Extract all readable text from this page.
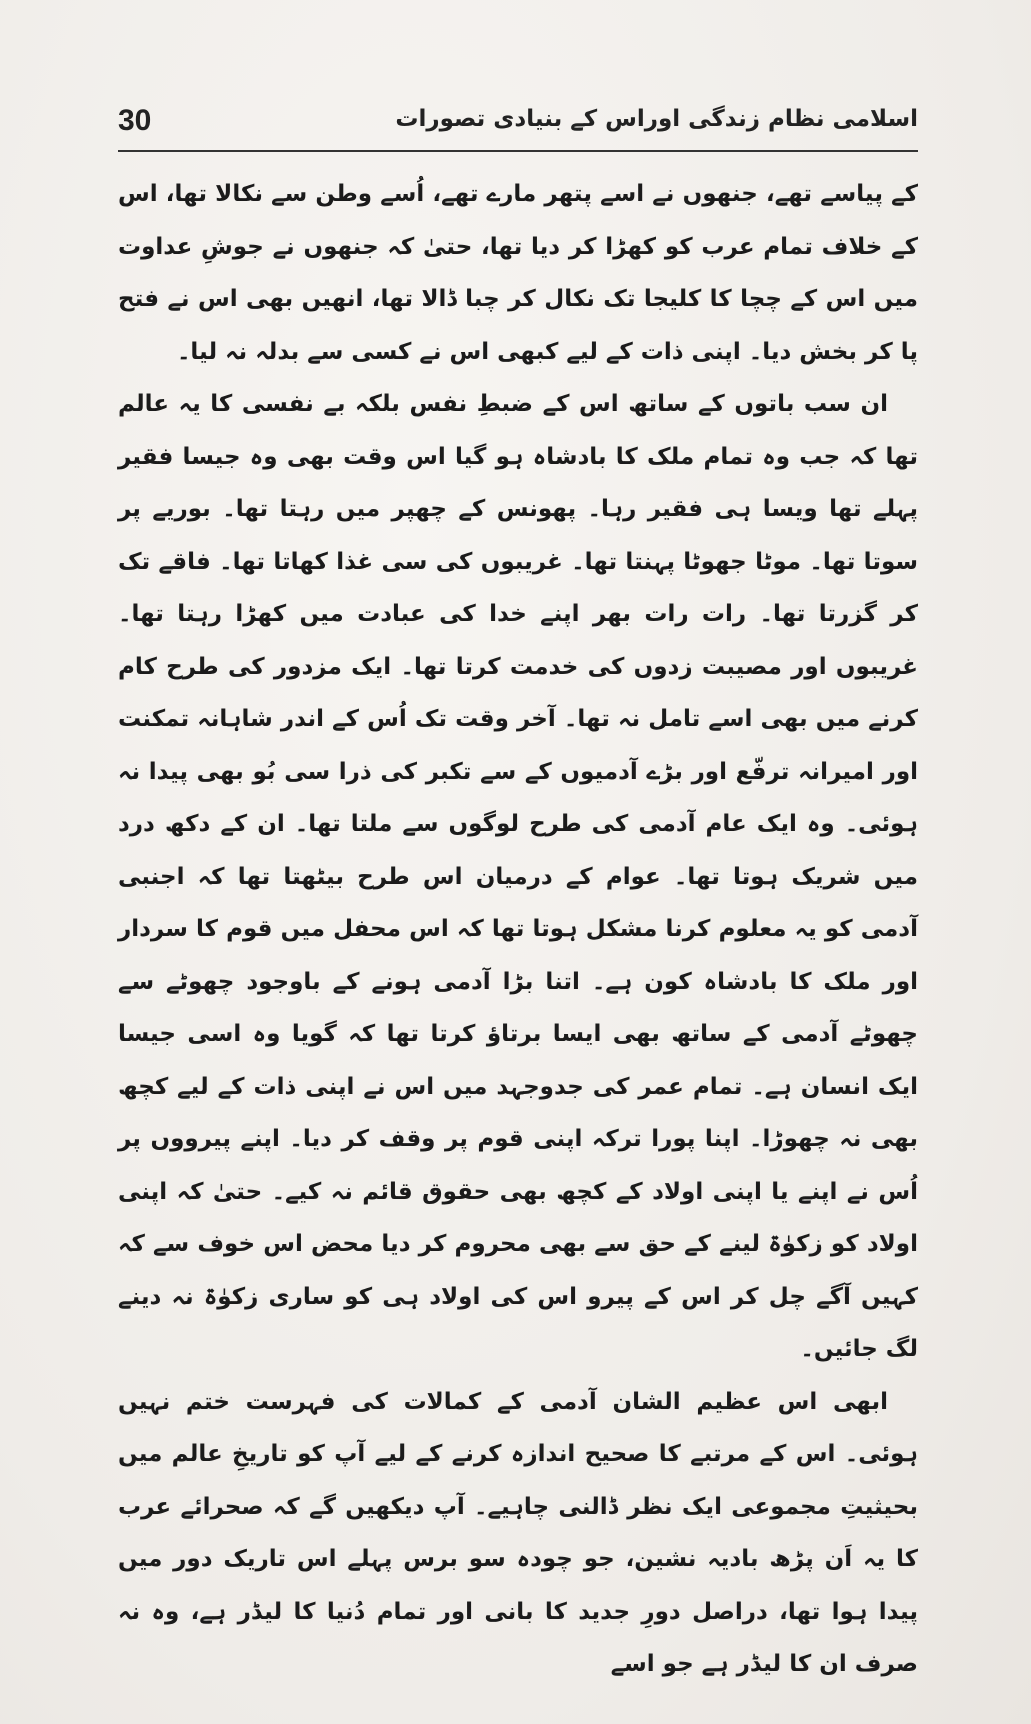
30	اسلامی نظام زندگی اوراس کے بنیادی تصورات

کے پیاسے تھے، جنھوں نے اسے پتھر مارے تھے، اُسے وطن سے نکالا تھا، اس کے خلاف تمام عرب کو کھڑا کر دیا تھا، حتیٰ کہ جنھوں نے جوشِ عداوت میں اس کے چچا کا کلیجا تک نکال کر چبا ڈالا تھا، انھیں بھی اس نے فتح پا کر بخش دیا۔ اپنی ذات کے لیے کبھی اس نے کسی سے بدلہ نہ لیا۔

ان سب باتوں کے ساتھ اس کے ضبطِ نفس بلکہ بے نفسی کا یہ عالم تھا کہ جب وہ تمام ملک کا بادشاہ ہو گیا اس وقت بھی وہ جیسا فقیر پہلے تھا ویسا ہی فقیر رہا۔ پھونس کے چھپر میں رہتا تھا۔ بوریے پر سوتا تھا۔ موٹا جھوٹا پہنتا تھا۔ غریبوں کی سی غذا کھاتا تھا۔ فاقے تک کر گزرتا تھا۔ رات رات بھر اپنے خدا کی عبادت میں کھڑا رہتا تھا۔ غریبوں اور مصیبت زدوں کی خدمت کرتا تھا۔ ایک مزدور کی طرح کام کرنے میں بھی اسے تامل نہ تھا۔ آخر وقت تک اُس کے اندر شاہانہ تمکنت اور امیرانہ ترفّع اور بڑے آدمیوں کے سے تکبر کی ذرا سی بُو بھی پیدا نہ ہوئی۔ وہ ایک عام آدمی کی طرح لوگوں سے ملتا تھا۔ ان کے دکھ درد میں شریک ہوتا تھا۔ عوام کے درمیان اس طرح بیٹھتا تھا کہ اجنبی آدمی کو یہ معلوم کرنا مشکل ہوتا تھا کہ اس محفل میں قوم کا سردار اور ملک کا بادشاہ کون ہے۔ اتنا بڑا آدمی ہونے کے باوجود چھوٹے سے چھوٹے آدمی کے ساتھ بھی ایسا برتاؤ کرتا تھا کہ گویا وہ اسی جیسا ایک انسان ہے۔ تمام عمر کی جدوجہد میں اس نے اپنی ذات کے لیے کچھ بھی نہ چھوڑا۔ اپنا پورا ترکہ اپنی قوم پر وقف کر دیا۔ اپنے پیرووں پر اُس نے اپنے یا اپنی اولاد کے کچھ بھی حقوق قائم نہ کیے۔ حتیٰ کہ اپنی اولاد کو زکوٰۃ لینے کے حق سے بھی محروم کر دیا محض اس خوف سے کہ کہیں آگے چل کر اس کے پیرو اس کی اولاد ہی کو ساری زکوٰۃ نہ دینے لگ جائیں۔

ابھی اس عظیم الشان آدمی کے کمالات کی فہرست ختم نہیں ہوئی۔ اس کے مرتبے کا صحیح اندازہ کرنے کے لیے آپ کو تاریخِ عالم میں بحیثیتِ مجموعی ایک نظر ڈالنی چاہیے۔ آپ دیکھیں گے کہ صحرائے عرب کا یہ اَن پڑھ بادیہ نشین، جو چودہ سو برس پہلے اس تاریک دور میں پیدا ہوا تھا، دراصل دورِ جدید کا بانی اور تمام دُنیا کا لیڈر ہے، وہ نہ صرف ان کا لیڈر ہے جو اسے
